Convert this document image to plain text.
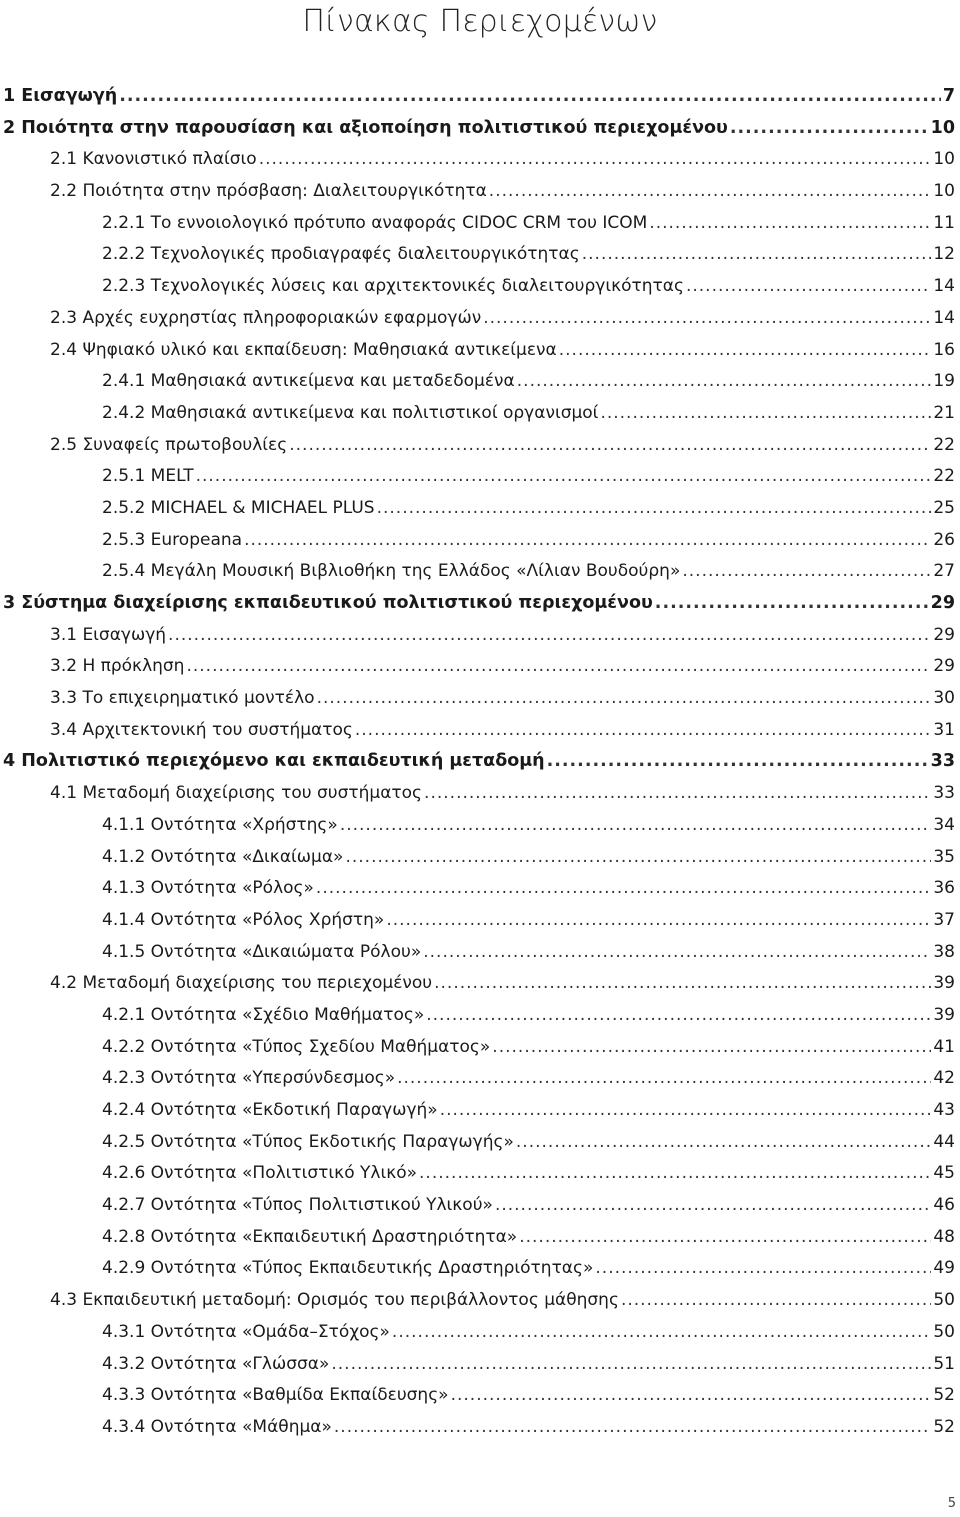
Πίνακας Περιεχομένων
1 Εισαγωγή .....	7
2 Ποιότητα στην παρουσίαση και αξιοποίηση πολιτιστικού περιεχομένου .....	10
2.1 Κανονιστικό πλαίσιο .....	10
2.2 Ποιότητα στην πρόσβαση: Διαλειτουργικότητα .....	10
2.2.1 Το εννοιολογικό πρότυπο αναφοράς CIDOC CRM του ICOM .....	11
2.2.2 Τεχνολογικές προδιαγραφές διαλειτουργικότητας .....	12
2.2.3 Τεχνολογικές λύσεις και αρχιτεκτονικές διαλειτουργικότητας .....	14
2.3 Αρχές ευχρηστίας πληροφοριακών εφαρμογών .....	14
2.4 Ψηφιακό υλικό και εκπαίδευση: Μαθησιακά αντικείμενα .....	16
2.4.1 Μαθησιακά αντικείμενα και μεταδεδομένα .....	19
2.4.2 Μαθησιακά αντικείμενα και πολιτιστικοί οργανισμοί .....	21
2.5 Συναφείς πρωτοβουλίες .....	22
2.5.1 MELT .....	22
2.5.2 MICHAEL & MICHAEL PLUS .....	25
2.5.3 Europeana .....	26
2.5.4 Μεγάλη Μουσική Βιβλιοθήκη της Ελλάδος «Λίλιαν Βουδούρη» .....	27
3 Σύστημα διαχείρισης εκπαιδευτικού πολιτιστικού περιεχομένου .....	29
3.1 Εισαγωγή .....	29
3.2 Η πρόκληση .....	29
3.3 Το επιχειρηματικό μοντέλο .....	30
3.4 Αρχιτεκτονική του συστήματος .....	31
4 Πολιτιστικό περιεχόμενο και εκπαιδευτική μεταδομή .....	33
4.1 Μεταδομή διαχείρισης του συστήματος .....	33
4.1.1 Οντότητα «Χρήστης» .....	34
4.1.2 Οντότητα «Δικαίωμα» .....	35
4.1.3 Οντότητα «Ρόλος» .....	36
4.1.4 Οντότητα «Ρόλος Χρήστη» .....	37
4.1.5 Οντότητα «Δικαιώματα Ρόλου» .....	38
4.2 Μεταδομή διαχείρισης του περιεχομένου .....	39
4.2.1 Οντότητα «Σχέδιο Μαθήματος» .....	39
4.2.2 Οντότητα «Τύπος Σχεδίου Μαθήματος» .....	41
4.2.3 Οντότητα «Υπερσύνδεσμος» .....	42
4.2.4 Οντότητα «Εκδοτική Παραγωγή» .....	43
4.2.5 Οντότητα «Τύπος Εκδοτικής Παραγωγής» .....	44
4.2.6 Οντότητα «Πολιτιστικό Υλικό» .....	45
4.2.7 Οντότητα «Τύπος Πολιτιστικού Υλικού» .....	46
4.2.8 Οντότητα «Εκπαιδευτική Δραστηριότητα» .....	48
4.2.9 Οντότητα «Τύπος Εκπαιδευτικής Δραστηριότητας» .....	49
4.3 Εκπαιδευτική μεταδομή: Ορισμός του περιβάλλοντος μάθησης .....	50
4.3.1 Οντότητα «Ομάδα–Στόχος» .....	50
4.3.2 Οντότητα «Γλώσσα» .....	51
4.3.3 Οντότητα «Βαθμίδα Εκπαίδευσης» .....	52
4.3.4 Οντότητα «Μάθημα» .....	52
5
